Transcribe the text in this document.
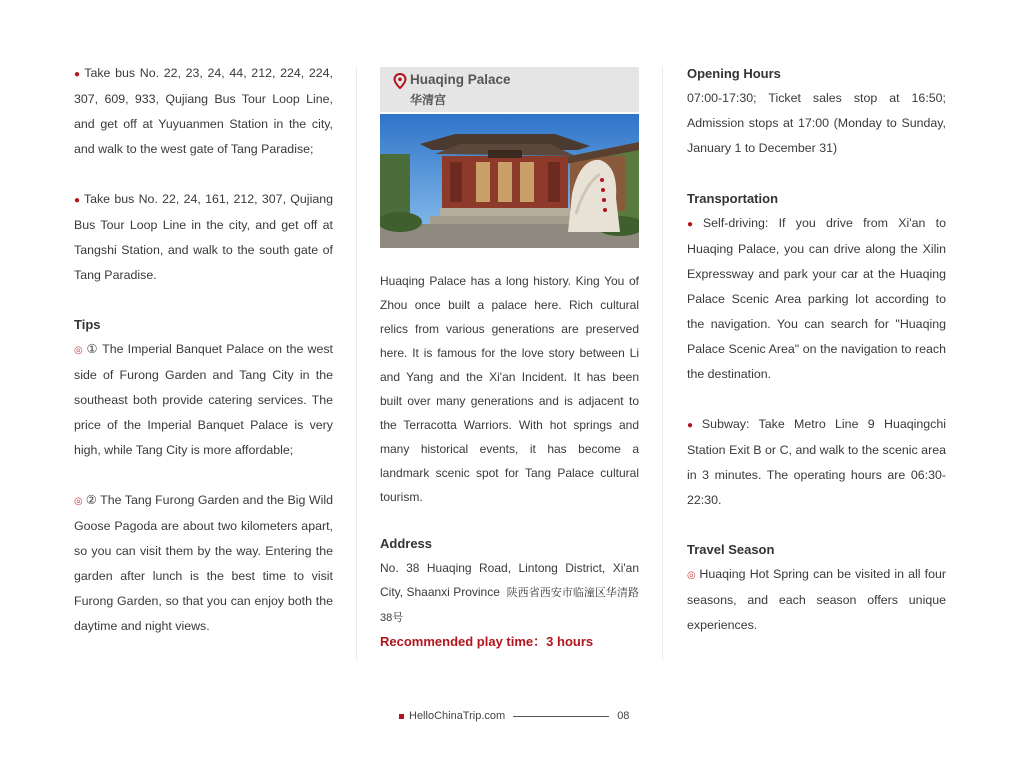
● Take bus No. 22, 23, 24, 44, 212, 224, 224, 307, 609, 933, Qujiang Bus Tour Loop Line, and get off at Yuyuanmen Station in the city, and walk to the west gate of Tang Paradise;

● Take bus No. 22, 24, 161, 212, 307, Qujiang Bus Tour Loop Line in the city, and get off at Tangshi Station, and walk to the south gate of Tang Paradise.

Tips

◎ ① The Imperial Banquet Palace on the west side of Furong Garden and Tang City in the southeast both provide catering services. The price of the Imperial Banquet Palace is very high, while Tang City is more affordable;

◎ ② The Tang Furong Garden and the Big Wild Goose Pagoda are about two kilometers apart, so you can visit them by the way. Entering the garden after lunch is the best time to visit Furong Garden, so that you can enjoy both the daytime and night views.

Huaqing Palace
华清宫

Huaqing Palace has a long history. King You of Zhou once built a palace here. Rich cultural relics from various generations are preserved here. It is famous for the love story between Li and Yang and the Xi'an Incident. It has been built over many generations and is adjacent to the Terracotta Warriors. With hot springs and many historical events, it has become a landmark scenic spot for Tang Palace cultural tourism.

Address

No. 38 Huaqing Road, Lintong District, Xi'an City, Shaanxi Province 陕西省西安市临潼区华清路38号

Recommended play time：3 hours

Opening Hours

07:00-17:30; Ticket sales stop at 16:50; Admission stops at 17:00 (Monday to Sunday, January 1 to December 31)

Transportation

● Self-driving: If you drive from Xi'an to Huaqing Palace, you can drive along the Xilin Expressway and park your car at the Huaqing Palace Scenic Area parking lot according to the navigation. You can search for "Huaqing Palace Scenic Area" on the navigation to reach the destination.

● Subway: Take Metro Line 9 Huaqingchi Station Exit B or C, and walk to the scenic area in 3 minutes. The operating hours are 06:30-22:30.

Travel Season

◎ Huaqing Hot Spring can be visited in all four seasons, and each season offers unique experiences.

HelloChinaTrip.com	08
